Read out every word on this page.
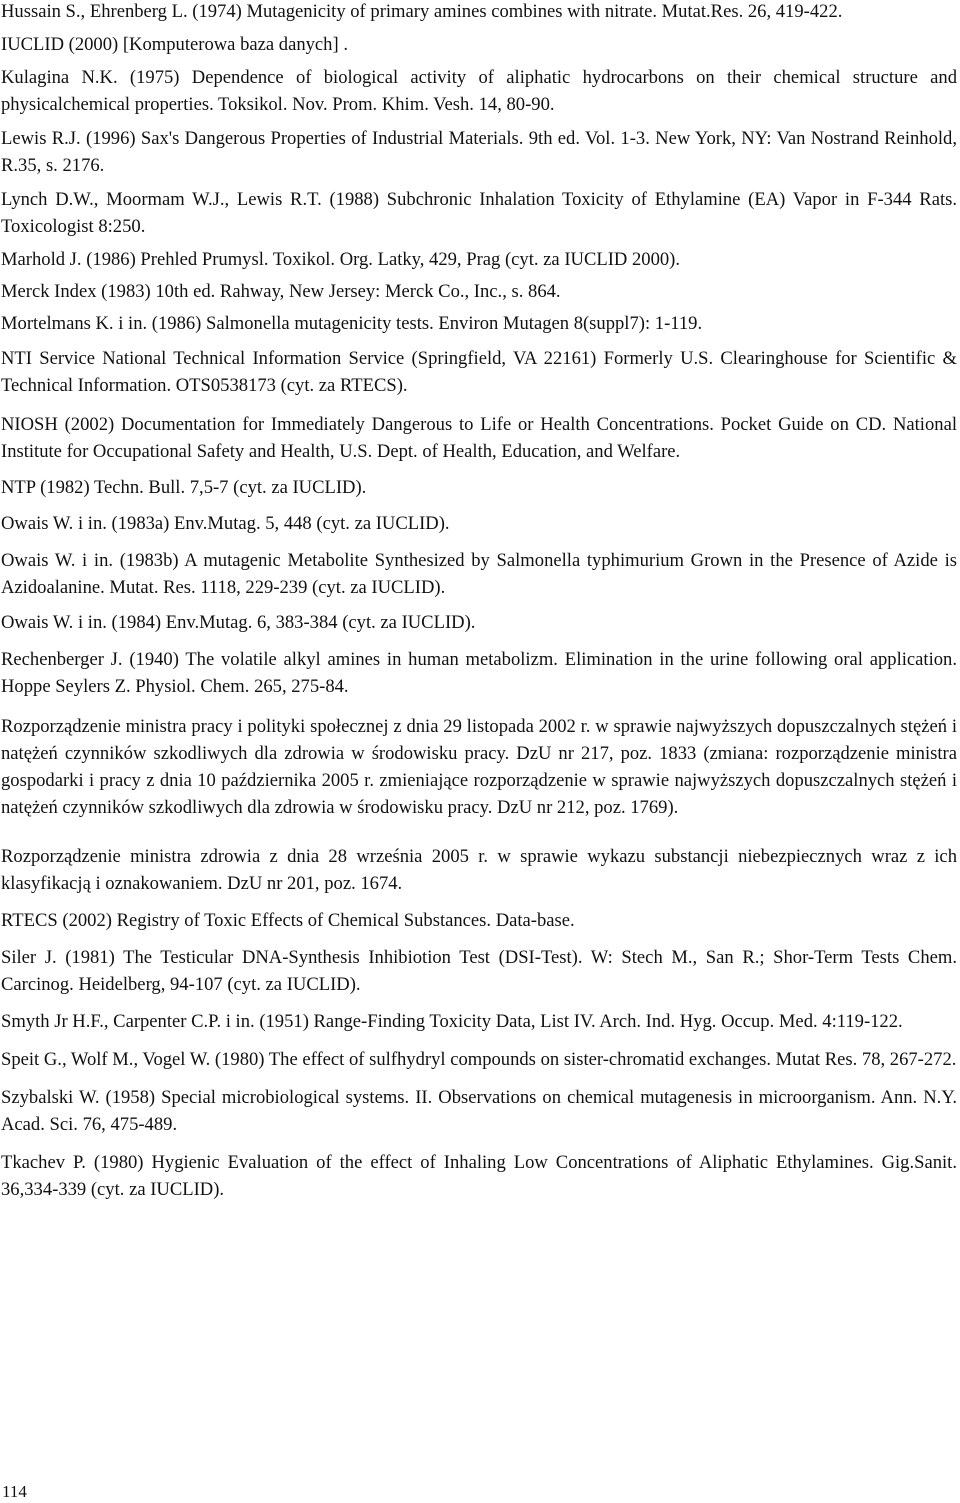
Hussain S., Ehrenberg L. (1974) Mutagenicity of primary amines combines with nitrate. Mutat.Res. 26, 419-422.
IUCLID (2000) [Komputerowa baza danych] .
Kulagina N.K. (1975) Dependence of biological activity of aliphatic hydrocarbons on their chemical structure and physicalchemical properties. Toksikol. Nov. Prom. Khim. Vesh. 14, 80-90.
Lewis R.J. (1996) Sax's Dangerous Properties of Industrial Materials. 9th ed. Vol. 1-3. New York, NY: Van Nostrand Reinhold, R.35, s. 2176.
Lynch D.W., Moormam W.J., Lewis R.T. (1988) Subchronic Inhalation Toxicity of Ethylamine (EA) Vapor in F-344 Rats. Toxicologist 8:250.
Marhold J. (1986) Prehled Prumysl. Toxikol. Org. Latky, 429, Prag (cyt. za IUCLID 2000).
Merck Index (1983) 10th ed. Rahway, New Jersey: Merck Co., Inc., s. 864.
Mortelmans K. i in. (1986) Salmonella mutagenicity tests. Environ Mutagen 8(suppl7): 1-119.
NTI Service National Technical Information Service (Springfield, VA 22161) Formerly U.S. Clearinghouse for Scientific & Technical Information. OTS0538173 (cyt. za RTECS).
NIOSH (2002) Documentation for Immediately Dangerous to Life or Health Concentrations. Pocket Guide on CD. National Institute for Occupational Safety and Health, U.S. Dept. of Health, Education, and Welfare.
NTP (1982) Techn. Bull. 7,5-7 (cyt. za IUCLID).
Owais W. i in. (1983a) Env.Mutag. 5, 448 (cyt. za IUCLID).
Owais W. i in. (1983b) A mutagenic Metabolite Synthesized by Salmonella typhimurium Grown in the Presence of Azide is Azidoalanine. Mutat. Res. 1118, 229-239 (cyt. za IUCLID).
Owais W. i in. (1984) Env.Mutag. 6, 383-384 (cyt. za IUCLID).
Rechenberger J. (1940) The volatile alkyl amines in human metabolizm. Elimination in the urine following oral application. Hoppe Seylers Z. Physiol. Chem. 265, 275-84.
Rozporządzenie ministra pracy i polityki społecznej z dnia 29 listopada 2002 r. w sprawie najwyższych dopuszczalnych stężeń i natężeń czynników szkodliwych dla zdrowia w środowisku pracy. DzU nr 217, poz. 1833 (zmiana: rozporządzenie ministra gospodarki i pracy z dnia 10 października 2005 r. zmieniające rozporządzenie w sprawie najwyższych dopuszczalnych stężeń i natężeń czynników szkodliwych dla zdrowia w środowisku pracy. DzU nr 212, poz. 1769).
Rozporządzenie ministra zdrowia z dnia 28 września 2005 r. w sprawie wykazu substancji niebezpiecznych wraz z ich klasyfikacją i oznakowaniem. DzU nr 201, poz. 1674.
RTECS (2002) Registry of Toxic Effects of Chemical Substances. Data-base.
Siler J. (1981) The Testicular DNA-Synthesis Inhibiotion Test (DSI-Test). W: Stech M., San R.; Shor-Term Tests Chem. Carcinog. Heidelberg, 94-107 (cyt. za IUCLID).
Smyth Jr H.F., Carpenter C.P. i in. (1951) Range-Finding Toxicity Data, List IV. Arch. Ind. Hyg. Occup. Med. 4:119-122.
Speit G., Wolf M., Vogel W. (1980) The effect of sulfhydryl compounds on sister-chromatid exchanges. Mutat Res. 78, 267-272.
Szybalski W. (1958) Special microbiological systems. II. Observations on chemical mutagenesis in microorganism. Ann. N.Y. Acad. Sci. 76, 475-489.
Tkachev P. (1980) Hygienic Evaluation of the effect of Inhaling Low Concentrations of Aliphatic Ethylamines. Gig.Sanit. 36,334-339 (cyt. za IUCLID).
114
